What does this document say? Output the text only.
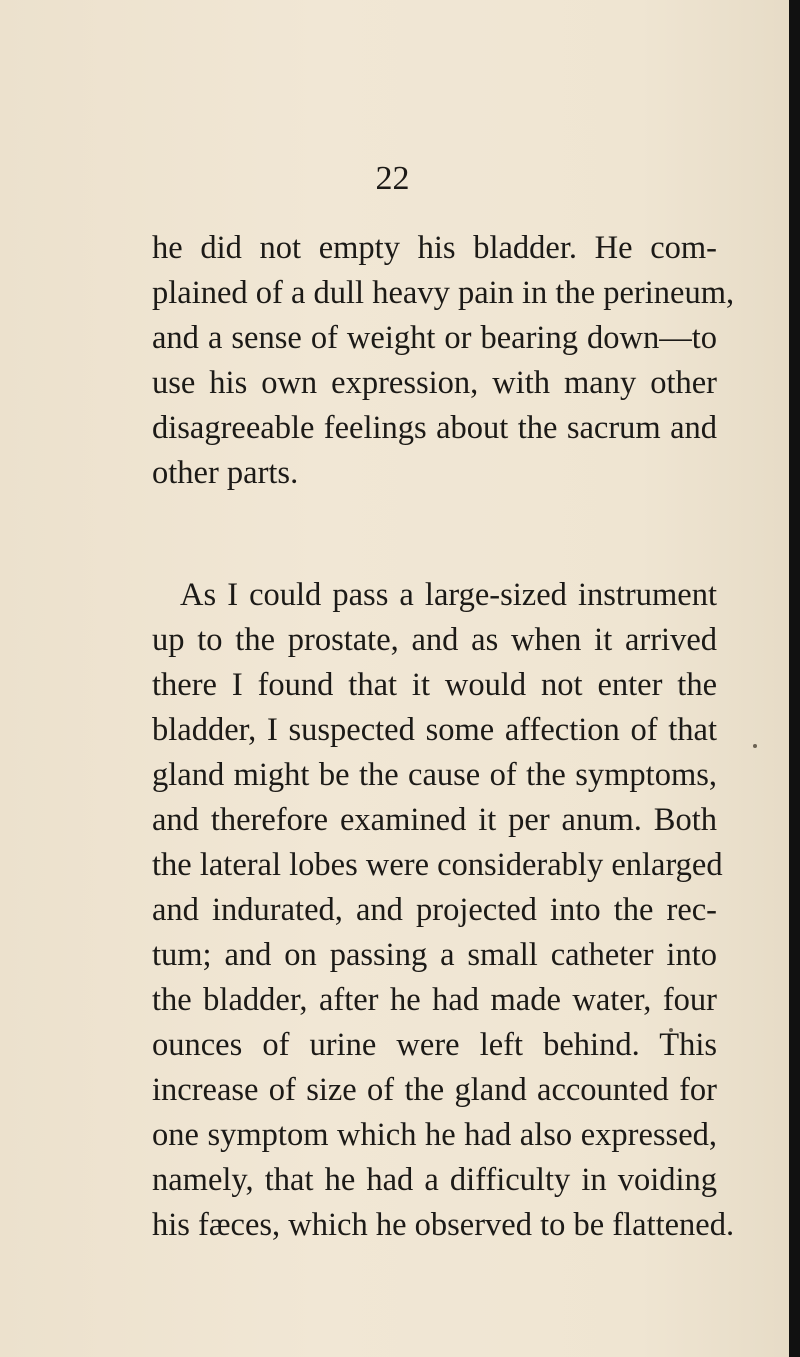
22
he did not empty his bladder. He com-
plained of a dull heavy pain in the perineum,
and a sense of weight or bearing down—to
use his own expression, with many other
disagreeable feelings about the sacrum and
other parts.
As I could pass a large-sized instrument
up to the prostate, and as when it arrived
there I found that it would not enter the
bladder, I suspected some affection of that
gland might be the cause of the symptoms,
and therefore examined it per anum. Both
the lateral lobes were considerably enlarged
and indurated, and projected into the rec-
tum; and on passing a small catheter into
the bladder, after he had made water, four
ounces of urine were left behind. This
increase of size of the gland accounted for
one symptom which he had also expressed,
namely, that he had a difficulty in voiding
his fæces, which he observed to be flattened.
